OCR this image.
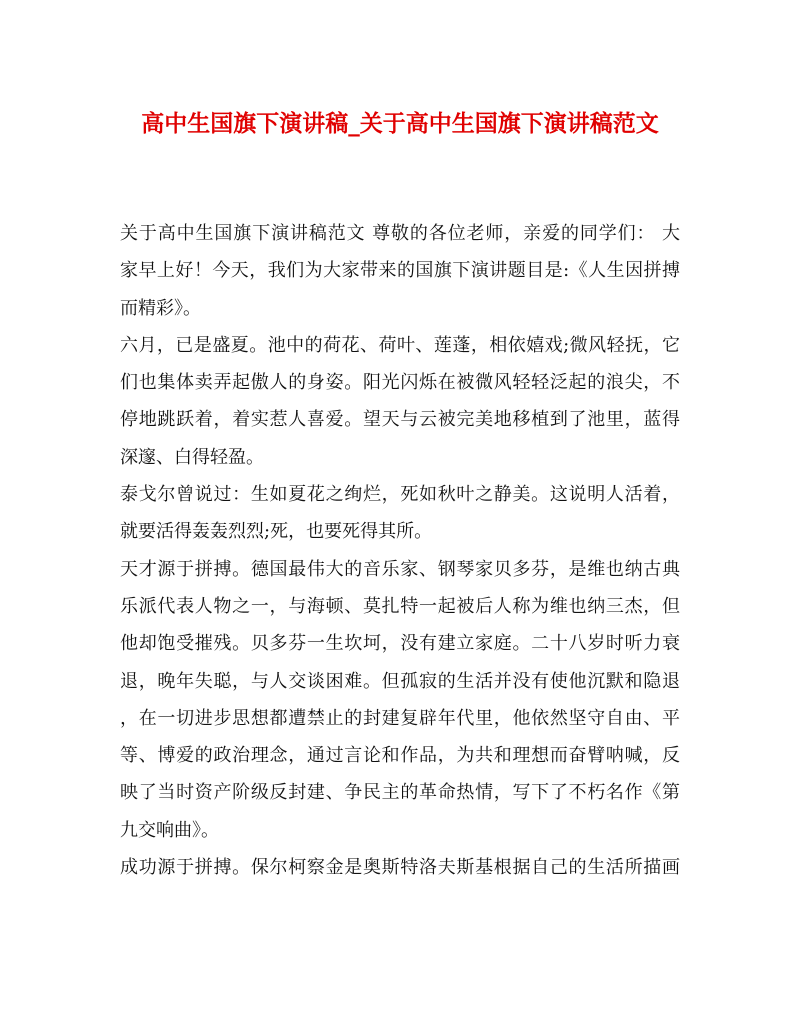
高中生国旗下演讲稿_关于高中生国旗下演讲稿范文
关于高中生国旗下演讲稿范文 尊敬的各位老师，亲爱的同学们： 大
家早上好！今天，我们为大家带来的国旗下演讲题目是:《人生因拼搏
而精彩》。
六月，已是盛夏。池中的荷花、荷叶、莲蓬，相依嬉戏;微风轻抚，它
们也集体卖弄起傲人的身姿。阳光闪烁在被微风轻轻泛起的浪尖，不
停地跳跃着，着实惹人喜爱。望天与云被完美地移植到了池里，蓝得
深邃、白得轻盈。
泰戈尔曾说过：生如夏花之绚烂，死如秋叶之静美。这说明人活着，
就要活得轰轰烈烈;死，也要死得其所。
天才源于拼搏。德国最伟大的音乐家、钢琴家贝多芬，是维也纳古典
乐派代表人物之一，与海顿、莫扎特一起被后人称为维也纳三杰，但
他却饱受摧残。贝多芬一生坎坷，没有建立家庭。二十八岁时听力衰
退，晚年失聪，与人交谈困难。但孤寂的生活并没有使他沉默和隐退
，在一切进步思想都遭禁止的封建复辟年代里，他依然坚守自由、平
等、博爱的政治理念，通过言论和作品，为共和理想而奋臂呐喊，反
映了当时资产阶级反封建、争民主的革命热情，写下了不朽名作《第
九交响曲》。
成功源于拼搏。保尔柯察金是奥斯特洛夫斯基根据自己的生活所描画
